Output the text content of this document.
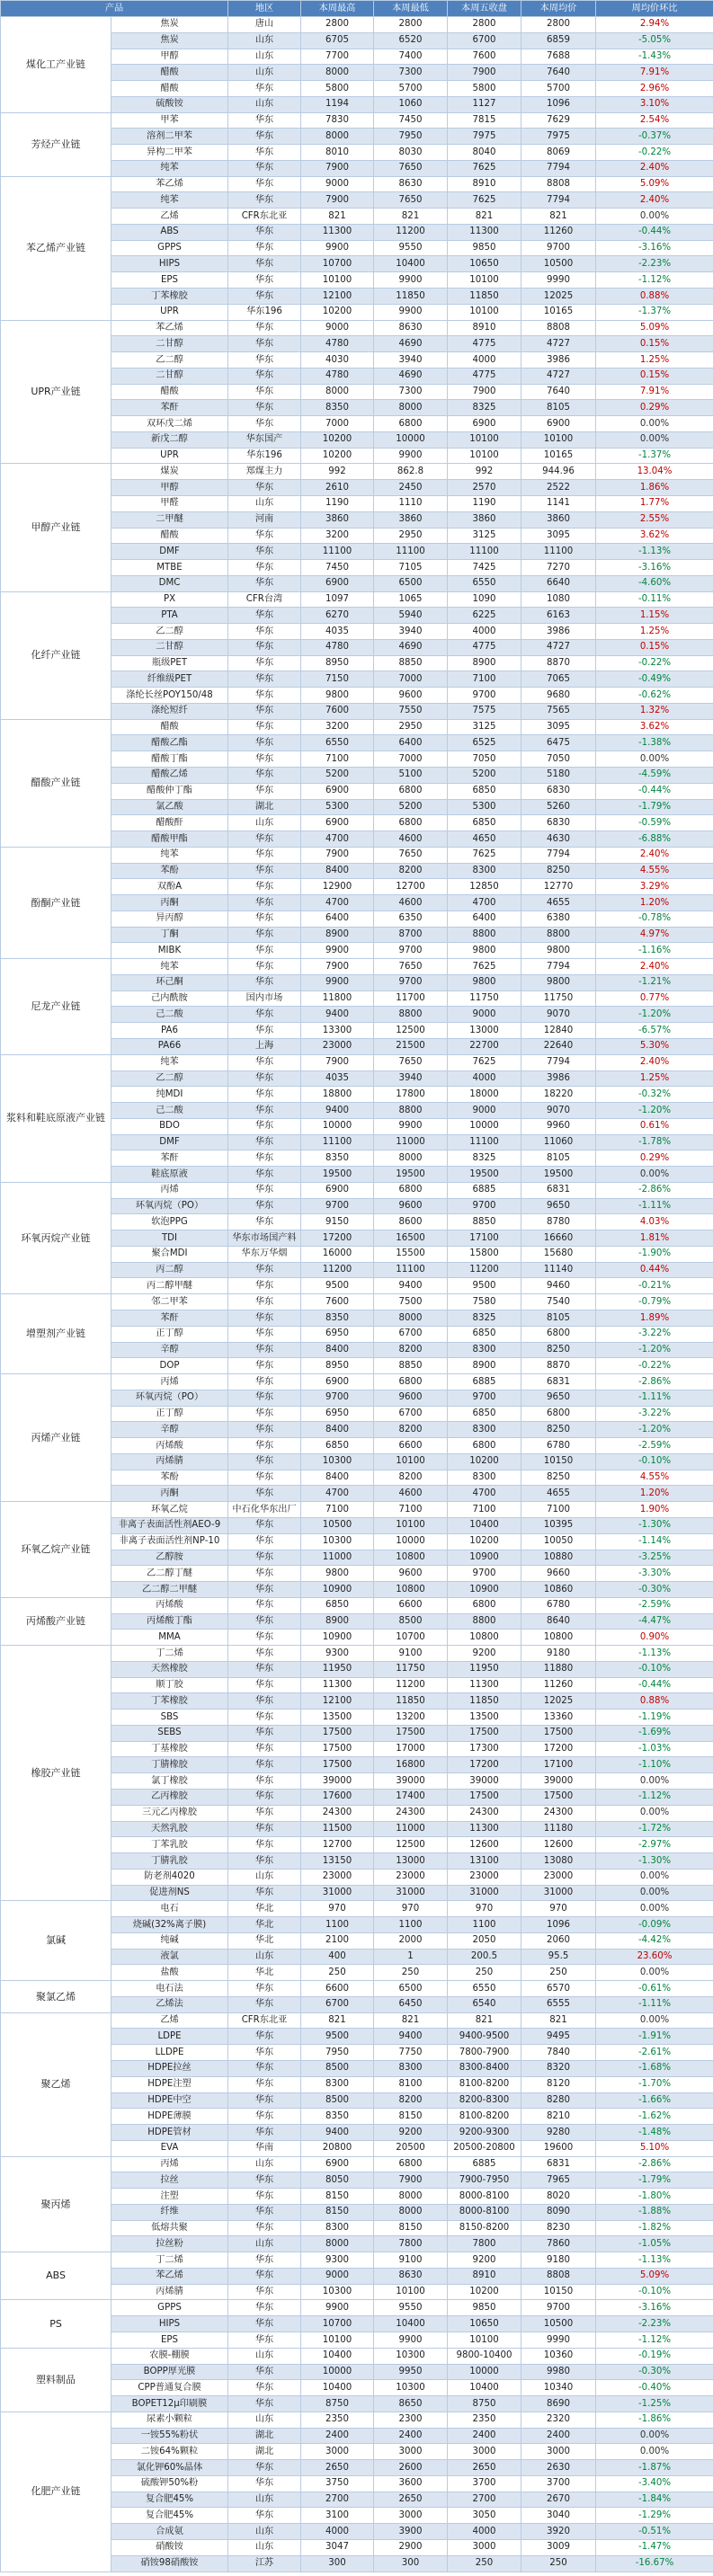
产品		地区	本周最高	本周最低	本周五收盘	本周均价	周均价环比
煤化工产业链	焦炭	唐山	2800	2800	2800	2800	2.94%
	焦炭	山东	6705	6520	6700	6859	-5.05%
	甲醇	山东	7700	7400	7600	7688	-1.43%
	醋酸	山东	8000	7300	7900	7640	7.91%
	醋酸	华东	5800	5700	5800	5700	2.96%
	硫酸铵	山东	1194	1060	1127	1096	3.10%
芳烃产业链	甲苯	华东	7830	7450	7815	7629	2.54%
	溶剂二甲苯	华东	8000	7950	7975	7975	-0.37%
	异构二甲苯	华东	8010	8030	8040	8069	-0.22%
	纯苯	华东	7900	7650	7625	7794	2.40%
苯乙烯产业链	苯乙烯	华东	9000	8630	8910	8808	5.09%
	纯苯	华东	7900	7650	7625	7794	2.40%
	乙烯	CFR东北亚	821	821	821	821	0.00%
	ABS	华东	11300	11200	11300	11260	-0.44%
	GPPS	华东	9900	9550	9850	9700	-3.16%
	HIPS	华东	10700	10400	10650	10500	-2.23%
	EPS	华东	10100	9900	10100	9990	-1.12%
	丁苯橡胶	华东	12100	11850	11850	12025	0.88%
	UPR	华东196	10200	9900	10100	10165	-1.37%
UPR产业链	苯乙烯	华东	9000	8630	8910	8808	5.09%
	二甘醇	华东	4780	4690	4775	4727	0.15%
	乙二醇	华东	4030	3940	4000	3986	1.25%
	二甘醇	华东	4780	4690	4775	4727	0.15%
	醋酸	华东	8000	7300	7900	7640	7.91%
	苯酐	华东	8350	8000	8325	8105	0.29%
	双环戊二烯	华东	7000	6800	6900	6900	0.00%
	新戊二醇	华东国产	10200	10000	10100	10100	0.00%
	UPR	华东196	10200	9900	10100	10165	-1.37%
甲醇产业链	煤炭	郑煤主力	992	862.8	992	944.96	13.04%
	甲醇	华东	2610	2450	2570	2522	1.86%
	甲醛	山东	1190	1110	1190	1141	1.77%
	二甲醚	河南	3860	3860	3860	3860	2.55%
	醋酸	华东	3200	2950	3125	3095	3.62%
	DMF	华东	11100	11100	11100	11100	-1.13%
	MTBE	华东	7450	7105	7425	7270	-3.16%
	DMC	华东	6900	6500	6550	6640	-4.60%
化纤产业链	PX	CFR台湾	1097	1065	1090	1080	-0.11%
	PTA	华东	6270	5940	6225	6163	1.15%
	乙二醇	华东	4035	3940	4000	3986	1.25%
	二甘醇	华东	4780	4690	4775	4727	0.15%
	瓶级PET	华东	8950	8850	8900	8870	-0.22%
	纤维级PET	华东	7150	7000	7100	7065	-0.49%
	涤纶长丝POY150/48	华东	9800	9600	9700	9680	-0.62%
	涤纶短纤	华东	7600	7550	7575	7565	1.32%
醋酸产业链	醋酸	华东	3200	2950	3125	3095	3.62%
	醋酸乙酯	华东	6550	6400	6525	6475	-1.38%
	醋酸丁酯	华东	7100	7000	7050	7050	0.00%
	醋酸乙烯	华东	5200	5100	5200	5180	-4.59%
	醋酸仲丁酯	华东	6900	6800	6850	6830	-0.44%
	氯乙酸	湖北	5300	5200	5300	5260	-1.79%
	醋酸酐	山东	6900	6800	6850	6830	-0.59%
	醋酸甲酯	华东	4700	4600	4650	4630	-6.88%
酚酮产业链	纯苯	华东	7900	7650	7625	7794	2.40%
	苯酚	华东	8400	8200	8300	8250	4.55%
	双酚A	华东	12900	12700	12850	12770	3.29%
	丙酮	华东	4700	4600	4700	4655	1.20%
	异丙醇	华东	6400	6350	6400	6380	-0.78%
	丁酮	华东	8900	8700	8800	8800	4.97%
	MIBK	华东	9900	9700	9800	9800	-1.16%
尼龙产业链	纯苯	华东	7900	7650	7625	7794	2.40%
	环己酮	华东	9900	9700	9800	9800	-1.21%
	己内酰胺	国内市场	11800	11700	11750	11750	0.77%
	己二酸	华东	9400	8800	9000	9070	-1.20%
	PA6	华东	13300	12500	13000	12840	-6.57%
	PA66	上海	23000	21500	22700	22640	5.30%
浆料和鞋底原液产业链	纯苯	华东	7900	7650	7625	7794	2.40%
	乙二醇	华东	4035	3940	4000	3986	1.25%
	纯MDI	华东	18800	17800	18000	18220	-0.32%
	己二酸	华东	9400	8800	9000	9070	-1.20%
	BDO	华东	10000	9900	10000	9960	0.61%
	DMF	华东	11100	11000	11100	11060	-1.78%
	苯酐	华东	8350	8000	8325	8105	0.29%
	鞋底原液	华东	19500	19500	19500	19500	0.00%
环氧丙烷产业链	丙烯	华东	6900	6800	6885	6831	-2.86%
	环氧丙烷（PO）	华东	9700	9600	9700	9650	-1.11%
	软泡PPG	华东	9150	8600	8850	8780	4.03%
	TDI	华东市场国产料	17200	16500	17100	16660	1.81%
	聚合MDI	华东万华烟	16000	15500	15800	15680	-1.90%
	丙二醇	华东	11200	11100	11200	11140	0.44%
	丙二醇甲醚	华东	9500	9400	9500	9460	-0.21%
增塑剂产业链	邻二甲苯	华东	7600	7500	7580	7540	-0.79%
	苯酐	华东	8350	8000	8325	8105	1.89%
	正丁醇	华东	6950	6700	6850	6800	-3.22%
	辛醇	华东	8400	8200	8300	8250	-1.20%
	DOP	华东	8950	8850	8900	8870	-0.22%
丙烯产业链	丙烯	华东	6900	6800	6885	6831	-2.86%
	环氧丙烷（PO）	华东	9700	9600	9700	9650	-1.11%
	正丁醇	华东	6950	6700	6850	6800	-3.22%
	辛醇	华东	8400	8200	8300	8250	-1.20%
	丙烯酸	华东	6850	6600	6800	6780	-2.59%
	丙烯腈	华东	10300	10100	10200	10150	-0.10%
	苯酚	华东	8400	8200	8300	8250	4.55%
	丙酮	华东	4700	4600	4700	4655	1.20%
环氧乙烷产业链	环氧乙烷	中石化华东出厂	7100	7100	7100	7100	1.90%
	非离子表面活性剂AEO-9	华东	10500	10100	10400	10395	-1.30%
	非离子表面活性剂NP-10	华东	10300	10000	10200	10050	-1.14%
	乙醇胺	华东	11000	10800	10900	10880	-3.25%
	乙二醇丁醚	华东	9800	9600	9700	9660	-3.30%
	乙二醇二甲醚	华东	10900	10800	10900	10860	-0.30%
丙烯酸产业链	丙烯酸	华东	6850	6600	6800	6780	-2.59%
	丙烯酸丁酯	华东	8900	8500	8800	8640	-4.47%
	MMA	华东	10900	10700	10800	10800	0.90%
橡胶产业链	丁二烯	华东	9300	9100	9200	9180	-1.13%
	天然橡胶	华东	11950	11750	11950	11880	-0.10%
	顺丁胶	华东	11300	11200	11300	11260	-0.44%
	丁苯橡胶	华东	12100	11850	11850	12025	0.88%
	SBS	华东	13500	13200	13500	13360	-1.19%
	SEBS	华东	17500	17500	17500	17500	-1.69%
	丁基橡胶	华东	17500	17000	17300	17200	-1.03%
	丁腈橡胶	华东	17500	16800	17200	17100	-1.10%
	氯丁橡胶	华东	39000	39000	39000	39000	0.00%
	乙丙橡胶	华东	17600	17400	17500	17500	-1.12%
	三元乙丙橡胶	华东	24300	24300	24300	24300	0.00%
	天然乳胶	华东	11500	11000	11300	11180	-1.72%
	丁苯乳胶	华东	12700	12500	12600	12600	-2.97%
	丁腈乳胶	华东	13150	13000	13100	13080	-1.30%
	防老剂4020	山东	23000	23000	23000	23000	0.00%
	促进剂NS	华东	31000	31000	31000	31000	0.00%
氯碱	电石	华北	970	970	970	970	0.00%
	烧碱(32%离子膜)	华北	1100	1100	1100	1096	-0.09%
	纯碱	华北	2100	2000	2050	2060	-4.42%
	液氯	山东	400	1	200.5	95.5	23.60%
	盐酸	华北	250	250	250	250	0.00%
聚氯乙烯	电石法	华东	6600	6500	6550	6570	-0.61%
	乙烯法	华东	6700	6450	6540	6555	-1.11%
聚乙烯	乙烯	CFR东北亚	821	821	821	821	0.00%
	LDPE	华东	9500	9400	9400-9500	9495	-1.91%
	LLDPE	华东	7950	7750	7800-7900	7840	-2.61%
	HDPE拉丝	华东	8500	8300	8300-8400	8320	-1.68%
	HDPE注塑	华东	8300	8100	8100-8200	8120	-1.70%
	HDPE中空	华东	8500	8200	8200-8300	8280	-1.66%
	HDPE薄膜	华东	8350	8150	8100-8200	8210	-1.62%
	HDPE管材	华东	9400	9200	9200-9300	9280	-1.48%
	EVA	华南	20800	20500	20500-20800	19600	5.10%
聚丙烯	丙烯	山东	6900	6800	6885	6831	-2.86%
	拉丝	华东	8050	7900	7900-7950	7965	-1.79%
	注塑	华东	8150	8000	8000-8100	8020	-1.80%
	纤维	华东	8150	8000	8000-8100	8090	-1.88%
	低熔共聚	华东	8300	8150	8150-8200	8230	-1.82%
	拉丝粉	山东	8000	7800	7800	7860	-1.05%
ABS	丁二烯	华东	9300	9100	9200	9180	-1.13%
	苯乙烯	华东	9000	8630	8910	8808	5.09%
	丙烯腈	华东	10300	10100	10200	10150	-0.10%
PS	GPPS	华东	9900	9550	9850	9700	-3.16%
	HIPS	华东	10700	10400	10650	10500	-2.23%
	EPS	华东	10100	9900	10100	9990	-1.12%
塑料制品	农膜-棚膜	山东	10400	10300	9800-10400	10360	-0.19%
	BOPP厚光膜	华东	10000	9950	10000	9980	-0.30%
	CPP普通复合膜	华东	10400	10300	10400	10340	-0.40%
	BOPET12μ印刷膜	华东	8750	8650	8750	8690	-1.25%
化肥产业链	尿素小颗粒	山东	2350	2300	2350	2320	-1.86%
	一铵55%粉状	湖北	2400	2400	2400	2400	0.00%
	二铵64%颗粒	湖北	3000	3000	3000	3000	0.00%
	氯化钾60%晶体	华东	2650	2600	2650	2630	-1.87%
	硫酸钾50%粉	华东	3750	3600	3700	3700	-3.40%
	复合肥45%	山东	2700	2650	2700	2670	-1.84%
	复合肥45%	华东	3100	3000	3050	3040	-1.29%
	合成氨	山东	4000	3900	4000	3920	-0.51%
	硝酸铵	山东	3047	2900	3000	3009	-1.47%
	硝铵98硝酸铵	江苏	300	300	250	250	-16.67%
